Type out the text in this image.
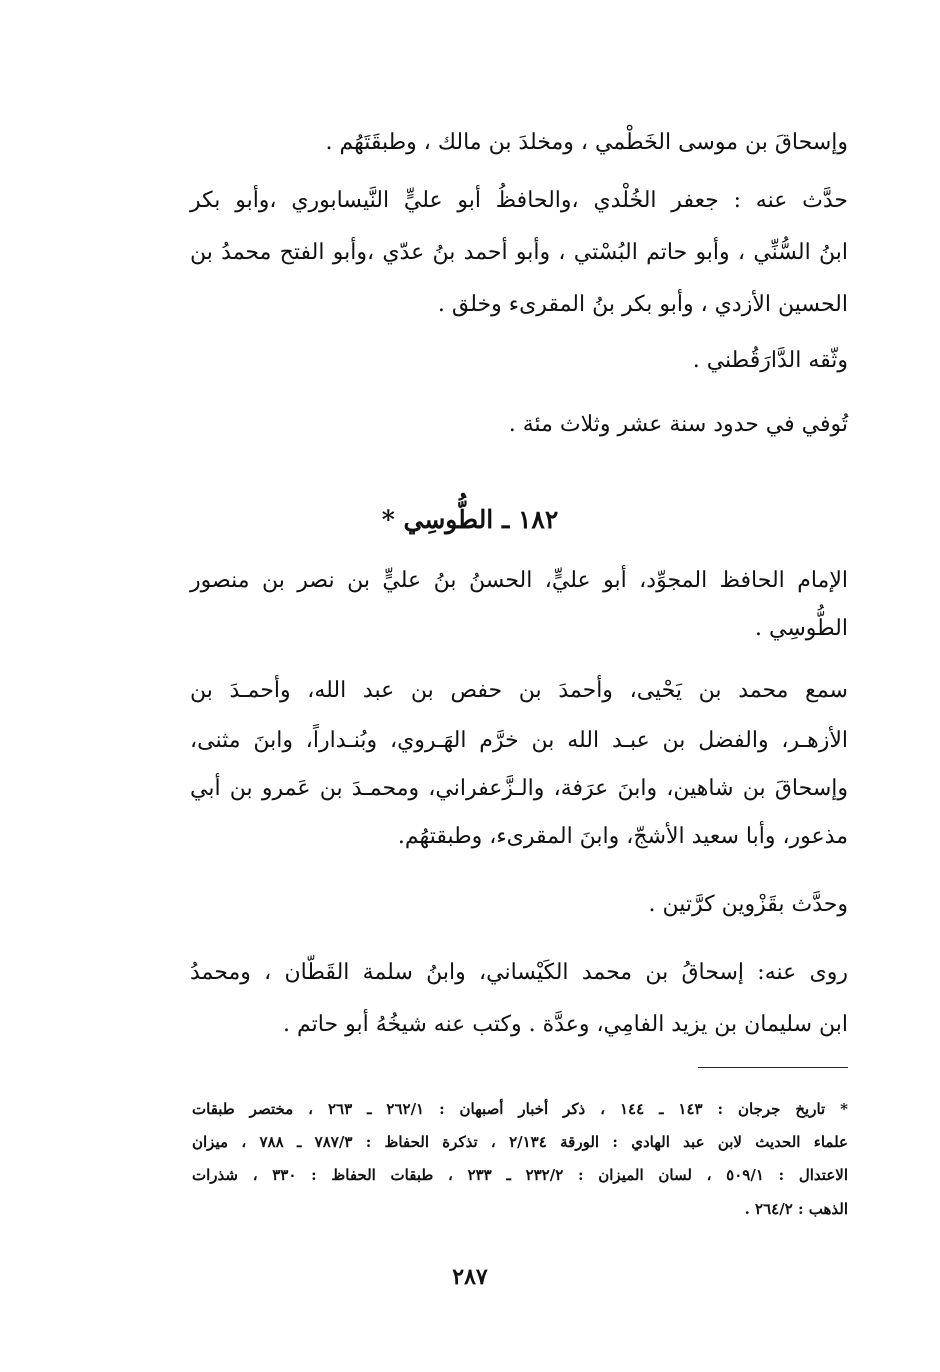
وإسحاقَ بن موسى الخَطْمي ، ومخلدَ بن مالك ، وطبقَتَهُم .
حدَّث عنه : جعفر الخُلْدي ،والحافظُ أبو عليٍّ النَّيسابوري ،وأبو بكر
ابنُ السُّنِّي ، وأبو حاتم البُسْتي ، وأبو أحمد بنُ عدّي ،وأبو الفتح محمدُ بن
الحسين الأزدي ، وأبو بكر بنُ المقرىء وخلق .
وثّقه الدَّارَقُطني .
تُوفي في حدود سنة عشر وثلاث مئة .
١٨٢ ـ الطُّوسِي *
الإمام الحافظ المجوِّد، أبو عليٍّ، الحسنُ بنُ عليٍّ بن نصر بن منصور
الطُّوسِي .
سمع محمد بن يَحْيى، وأحمدَ بن حفص بن عبد الله، وأحمـدَ بن
الأزهـر، والفضل بن عبـد الله بن خرَّم الهَـروي، وبُنـداراً، وابنَ مثنى،
وإسحاقَ بن شاهين، وابنَ عرَفة، والـزَّعفراني، ومحمـدَ بن عَمرو بن أبي
مذعور، وأبا سعيد الأشجّ، وابنَ المقرىء، وطبقتهُم.
وحدَّث بقَزْوين كرَّتين .
روى عنه: إسحاقُ بن محمد الكَيْساني، وابنُ سلمة القَطّان ، ومحمدُ
ابن سليمان بن يزيد الفامِي، وعدَّة . وكتب عنه شيخُهُ أبو حاتم .
* تاريخ جرجان : ١٤٣ ـ ١٤٤ ، ذكر أخبار أصبهان : ٢٦٢/١ ـ ٢٦٣ ، مختصر طبقات
علماء الحديث لابن عبد الهادي : الورقة ٢/١٣٤ ، تذكرة الحفاظ : ٧٨٧/٣ ـ ٧٨٨ ، ميزان
الاعتدال : ٥٠٩/١ ، لسان الميزان : ٢٣٢/٢ ـ ٢٣٣ ، طبقات الحفاظ : ٣٣٠ ، شذرات
الذهب : ٢٦٤/٢ .
٢٨٧
